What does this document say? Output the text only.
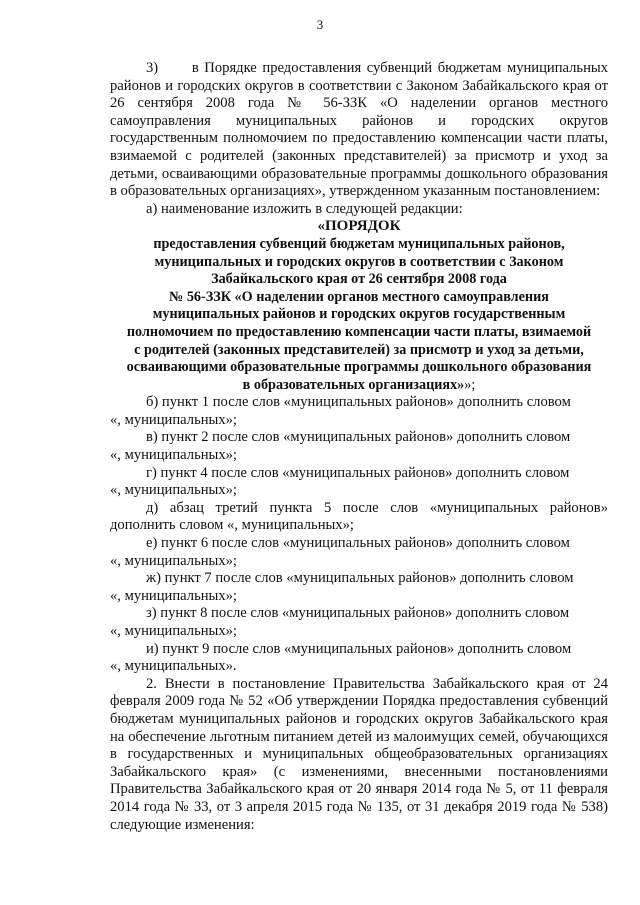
3

3) в Порядке предоставления субвенций бюджетам муниципальных районов и городских округов в соответствии с Законом Забайкальского края от 26 сентября 2008 года № 56-ЗЗК «О наделении органов местного самоуправления муниципальных районов и городских округов государственным полномочием по предоставлению компенсации части платы, взимаемой с родителей (законных представителей) за присмотр и уход за детьми, осваивающими образовательные программы дошкольного образования в образовательных организациях», утвержденном указанным постановлением:

а) наименование изложить в следующей редакции:

«ПОРЯДОК

предоставления субвенций бюджетам муниципальных районов,

муниципальных и городских округов в соответствии с Законом

Забайкальского края от 26 сентября 2008 года

№ 56-ЗЗК «О наделении органов местного самоуправления

муниципальных районов и городских округов государственным

полномочием по предоставлению компенсации части платы, взимаемой

с родителей (законных представителей) за присмотр и уход за детьми,

осваивающими образовательные программы дошкольного образования

в образовательных организациях»»;

б) пункт 1 после слов «муниципальных районов» дополнить словом

«, муниципальных»;

в) пункт 2 после слов «муниципальных районов» дополнить словом

«, муниципальных»;

г) пункт 4 после слов «муниципальных районов» дополнить словом

«, муниципальных»;

д) абзац третий пункта 5 после слов «муниципальных районов» дополнить словом «, муниципальных»;

е) пункт 6 после слов «муниципальных районов» дополнить словом

«, муниципальных»;

ж) пункт 7 после слов «муниципальных районов» дополнить словом

«, муниципальных»;

з) пункт 8 после слов «муниципальных районов» дополнить словом

«, муниципальных»;

и) пункт 9 после слов «муниципальных районов» дополнить словом

«, муниципальных».

2. Внести в постановление Правительства Забайкальского края от 24 февраля 2009 года № 52 «Об утверждении Порядка предоставления субвенций бюджетам муниципальных районов и городских округов Забайкальского края на обеспечение льготным питанием детей из малоимущих семей, обучающихся в государственных и муниципальных общеобразовательных организациях Забайкальского края» (с изменениями, внесенными постановлениями Правительства Забайкальского края от 20 января 2014 года № 5, от 11 февраля 2014 года № 33, от 3 апреля 2015 года № 135, от 31 декабря 2019 года № 538) следующие изменения:
